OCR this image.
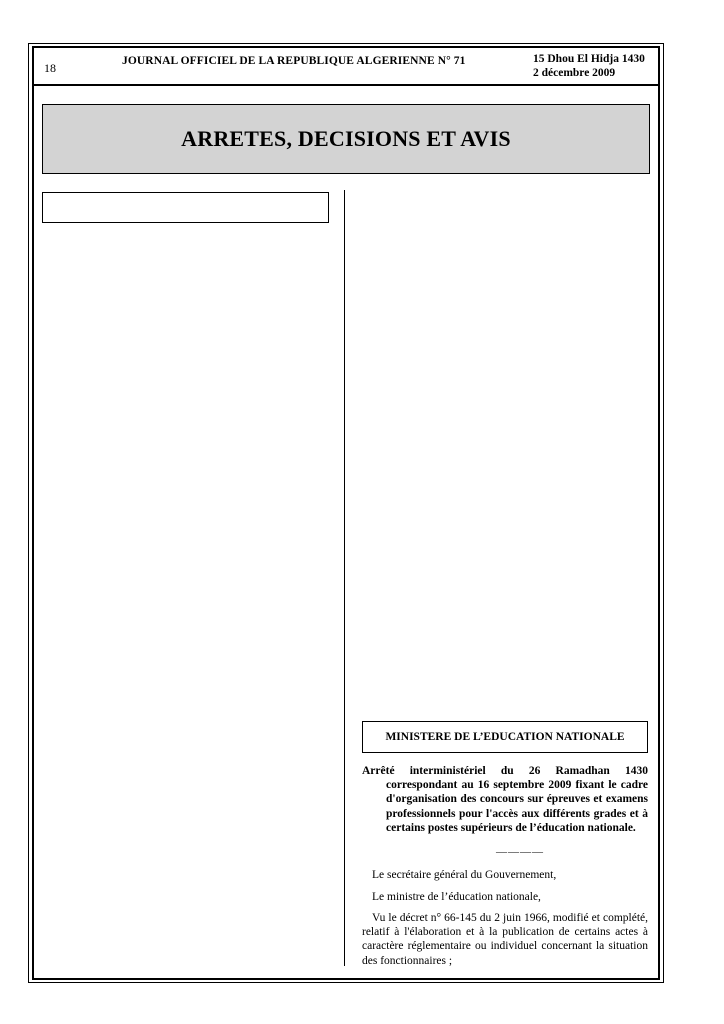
18	JOURNAL OFFICIEL DE LA REPUBLIQUE ALGERIENNE N° 71	15 Dhou El Hidja 1430
2 décembre 2009
ARRETES, DECISIONS ET AVIS
MINISTERE DE L’EDUCATION NATIONALE
Arrêté interministériel du 26 Ramadhan 1430 correspondant au 16 septembre 2009 fixant le cadre d'organisation des concours sur épreuves et examens professionnels pour l'accès aux différents grades et à certains postes supérieurs de l’éducation nationale.
————
Le secrétaire général du Gouvernement,
Le ministre de l’éducation nationale,
Vu le décret n° 66-145 du 2 juin 1966, modifié et complété, relatif à l'élaboration et à la publication de certains actes à caractère réglementaire ou individuel concernant la situation des fonctionnaires ;
